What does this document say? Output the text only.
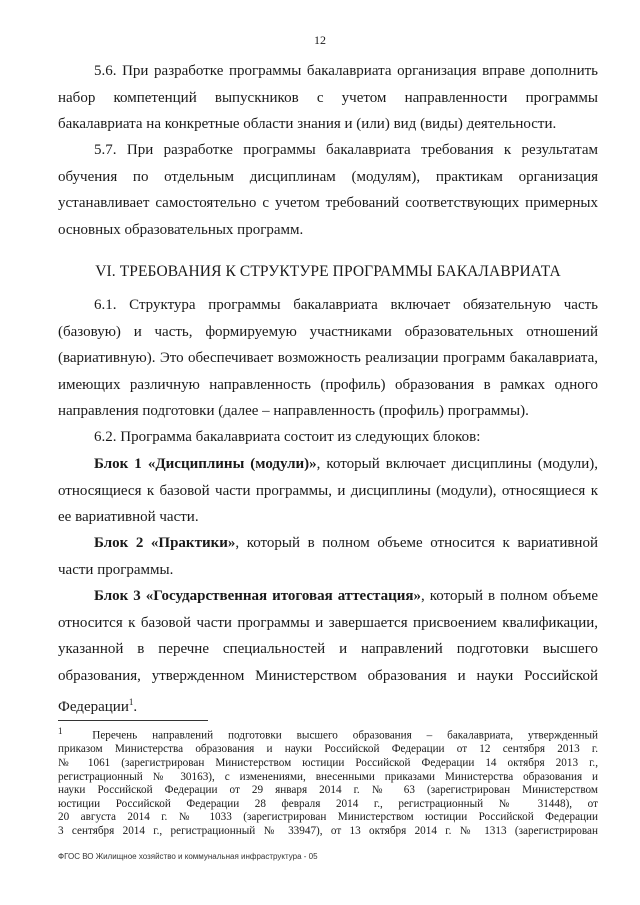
12
5.6. При разработке программы бакалавриата организация вправе дополнить
набор компетенций выпускников с учетом направленности программы
бакалавриата на конкретные области знания и (или) вид (виды) деятельности.
5.7. При разработке программы бакалавриата требования к результатам
обучения по отдельным дисциплинам (модулям), практикам организация
устанавливает самостоятельно с учетом требований соответствующих примерных
основных образовательных программ.
VI. ТРЕБОВАНИЯ К СТРУКТУРЕ ПРОГРАММЫ БАКАЛАВРИАТА
6.1. Структура программы бакалавриата включает обязательную часть
(базовую) и часть, формируемую участниками образовательных отношений
(вариативную). Это обеспечивает возможность реализации программ бакалавриата,
имеющих различную направленность (профиль) образования в рамках одного
направления подготовки (далее – направленность (профиль) программы).
6.2. Программа бакалавриата состоит из следующих блоков:
Блок 1 «Дисциплины (модули)», который включает дисциплины (модули),
относящиеся к базовой части программы, и дисциплины (модули), относящиеся к
ее вариативной части.
Блок 2 «Практики», который в полном объеме относится к вариативной
части программы.
Блок 3 «Государственная итоговая аттестация», который в полном объеме
относится к базовой части программы и завершается присвоением квалификации,
указанной в перечне специальностей и направлений подготовки высшего
образования, утвержденном Министерством образования и науки Российской
Федерации$^1$.
$^1$	Перечень направлений подготовки высшего образования – бакалавриата, утвержденный
приказом Министерства образования и науки Российской Федерации от 12 сентября 2013 г.
№ 1061 (зарегистрирован Министерством юстиции Российской Федерации 14 октября 2013 г.,
регистрационный № 30163), с изменениями, внесенными приказами Министерства образования и
науки Российской Федерации от 29 января 2014 г. № 63 (зарегистрирован Министерством
юстиции Российской Федерации 28 февраля 2014 г., регистрационный № 31448), от
20 августа 2014 г. № 1033 (зарегистрирован Министерством юстиции Российской Федерации
3 сентября 2014 г., регистрационный № 33947), от 13 октября 2014 г. № 1313 (зарегистрирован
ФГОС ВО Жилищное хозяйство и коммунальная инфраструктура - 05
